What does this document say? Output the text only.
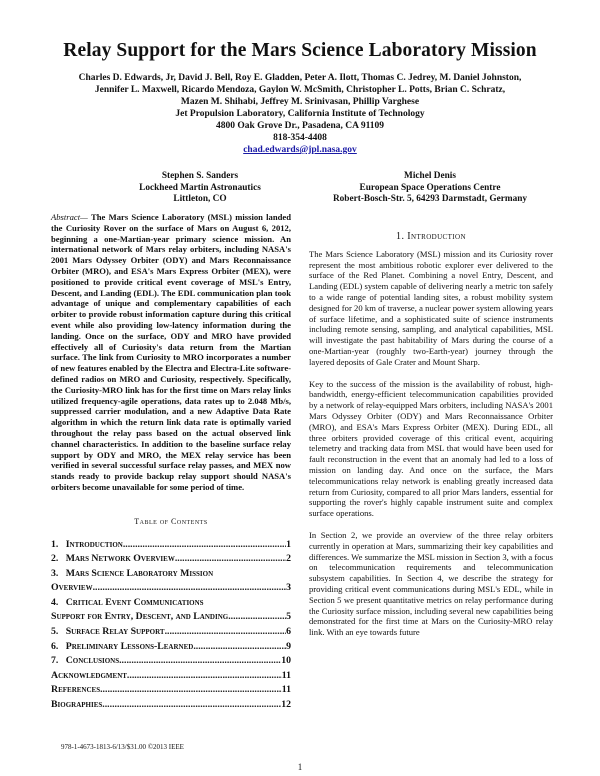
Relay Support for the Mars Science Laboratory Mission
Charles D. Edwards, Jr, David J. Bell, Roy E. Gladden, Peter A. Ilott, Thomas C. Jedrey, M. Daniel Johnston,
Jennifer L. Maxwell, Ricardo Mendoza, Gaylon W. McSmith, Christopher L. Potts, Brian C. Schratz,
Mazen M. Shihabi, Jeffrey M. Srinivasan, Phillip Varghese
Jet Propulsion Laboratory, California Institute of Technology
4800 Oak Grove Dr., Pasadena, CA 91109
818-354-4408
chad.edwards@jpl.nasa.gov
Stephen S. Sanders
Lockheed Martin Astronautics
Littleton, CO
Michel Denis
European Space Operations Centre
Robert-Bosch-Str. 5, 64293 Darmstadt, Germany

Abstract— The Mars Science Laboratory (MSL) mission landed the Curiosity Rover on the surface of Mars on August 6, 2012, beginning a one-Martian-year primary science mission. An international network of Mars relay orbiters, including NASA's 2001 Mars Odyssey Orbiter (ODY) and Mars Reconnaissance Orbiter (MRO), and ESA's Mars Express Orbiter (MEX), were positioned to provide critical event coverage of MSL's Entry, Descent, and Landing (EDL). The EDL communication plan took advantage of unique and complementary capabilities of each orbiter to provide robust information capture during this critical event while also providing low-latency information during the landing. Once on the surface, ODY and MRO have provided effectively all of Curiosity's data return from the Martian surface. The link from Curiosity to MRO incorporates a number of new features enabled by the Electra and Electra-Lite software-defined radios on MRO and Curiosity, respectively. Specifically, the Curiosity-MRO link has for the first time on Mars relay links utilized frequency-agile operations, data rates up to 2.048 Mb/s, suppressed carrier modulation, and a new Adaptive Data Rate algorithm in which the return link data rate is optimally varied throughout the relay pass based on the actual observed link channel characteristics. In addition to the baseline surface relay support by ODY and MRO, the MEX relay service has been verified in several successful surface relay passes, and MEX now stands ready to provide backup relay support should NASA's orbiters become unavailable for some period of time.

Table of Contents
1. Introduction .....	1
2. Mars Network Overview .....	2
3. Mars Science Laboratory Mission
Overview .....	3
4. Critical Event Communications
Support for Entry, Descent, and Landing .....	5
5. Surface Relay Support .....	6
6. Preliminary Lessons-Learned .....	9
7. Conclusions .....	10
Acknowledgment .....	11
References .....	11
Biographies .....	12
1. Introduction

The Mars Science Laboratory (MSL) mission and its Curiosity rover represent the most ambitious robotic explorer ever delivered to the surface of the Red Planet. Combining a novel Entry, Descent, and Landing (EDL) system capable of delivering nearly a metric ton safely to a wide range of potential landing sites, a robust mobility system designed for 20 km of traverse, a nuclear power system allowing years of surface lifetime, and a sophisticated suite of science instruments including remote sensing, sampling, and analytical capabilities, MSL will investigate the past habitability of Mars during the course of a one-Martian-year (roughly two-Earth-year) journey through the layered deposits of Gale Crater and Mount Sharp.

Key to the success of the mission is the availability of robust, high-bandwidth, energy-efficient telecommunication capabilities provided by a network of relay-equipped Mars orbiters, including NASA's 2001 Mars Odyssey Orbiter (ODY) and Mars Reconnaissance Orbiter (MRO), and ESA's Mars Express Orbiter (MEX). During EDL, all three orbiters provided coverage of this critical event, acquiring telemetry and tracking data from MSL that would have been used for fault reconstruction in the event that an anomaly had led to a loss of mission on landing day. And once on the surface, the Mars telecommunications relay network is enabling greatly increased data return from Curiosity, compared to all prior Mars landers, essential for supporting the rover's highly capable instrument suite and complex surface operations.

In Section 2, we provide an overview of the three relay orbiters currently in operation at Mars, summarizing their key capabilities and differences. We summarize the MSL mission in Section 3, with a focus on telecommunication requirements and telecommunication subsystem capabilities. In Section 4, we describe the strategy for providing critical event communications during MSL's EDL, while in Section 5 we present quantitative metrics on relay performance during the Curiosity surface mission, including several new capabilities being demonstrated for the first time at Mars on the Curiosity-MRO relay link. With an eye towards future

978-1-4673-1813-6/13/$31.00 ©2013 IEEE
1
